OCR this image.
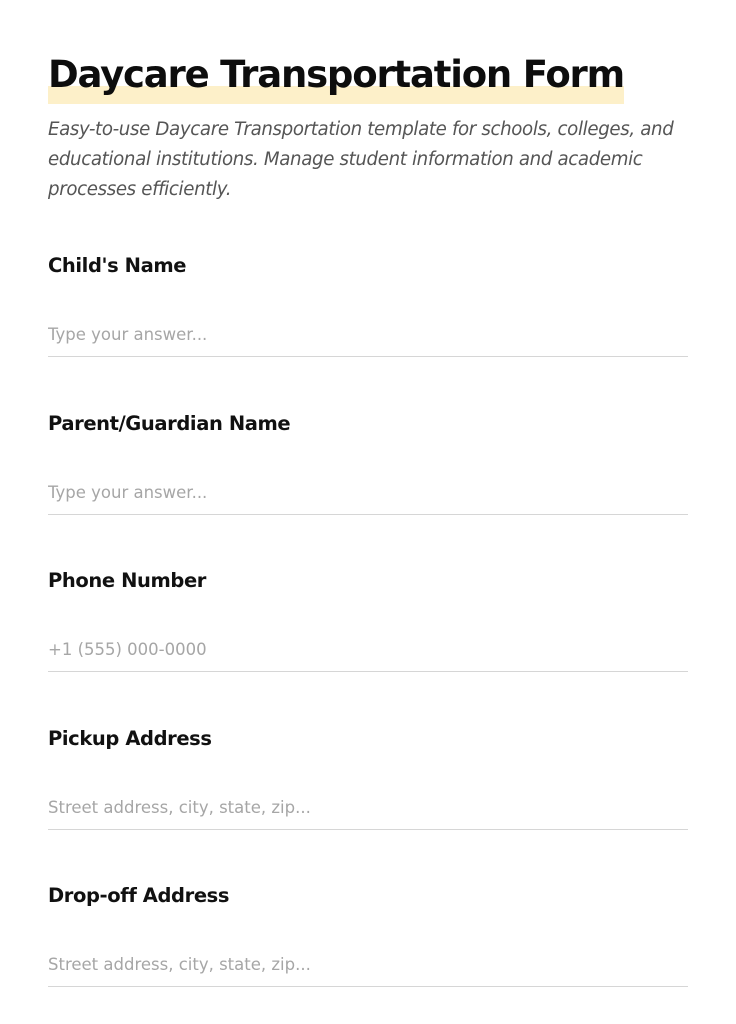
Daycare Transportation Form

Easy-to-use Daycare Transportation template for schools, colleges, and educational institutions. Manage student information and academic processes efficiently.

Child's Name
Type your answer...
Parent/Guardian Name
Type your answer...
Phone Number
+1 (555) 000-0000
Pickup Address
Street address, city, state, zip...
Drop-off Address
Street address, city, state, zip...
